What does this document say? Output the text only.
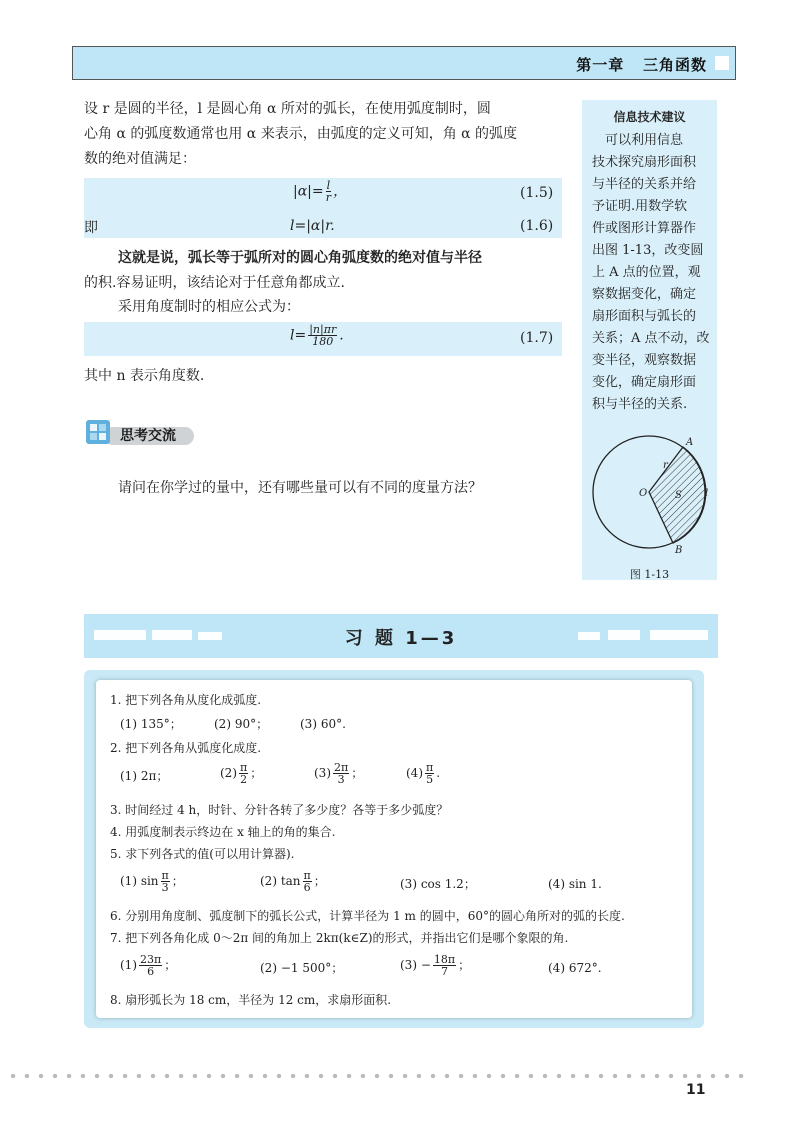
第一章 三角函数
设 r 是圆的半径，l 是圆心角 α 所对的弧长，在使用弧度制时，圆
心角 α 的弧度数通常也用 α 来表示，由弧度的定义可知，角 α 的弧度
数的绝对值满足：
$|\alpha|= \frac{l}{r}$ ，	(1.5)
即	l=|α|r.	(1.6)
这就是说，弧长等于弧所对的圆心角弧度数的绝对值与半径
的积.容易证明，该结论对于任意角都成立.
采用角度制时的相应公式为：
$l= \frac{|n|\pi r}{180}$ .	(1.7)
其中 n 表示角度数.
思考交流
请问在你学过的量中，还有哪些量可以有不同的度量方法？
信息技术建议
　可以利用信息
技术探究扇形面积
与半径的关系并给
予证明.用数学软
件或图形计算器作
出图 1-13，改变圆
上 A 点的位置，观
察数据变化，确定
扇形面积与弧长的
关系；A 点不动，改
变半径，观察数据
变化，确定扇形面
积与半径的关系.
O
A
B
r
S l
图 1-13
习 题 1—3
1. 把下列各角从度化成弧度.
(1) 135°；	(2) 90°；	(3) 60°.
2. 把下列各角从弧度化成度.
(1) 2π；	$(2) \frac{\pi}{2}$ ；	$(3) \frac{2\pi}{3}$ ；	$(4) \frac{\pi}{5}$ .
3. 时间经过 4 h，时针、分针各转了多少度？各等于多少弧度？
4. 用弧度制表示终边在 x 轴上的角的集合.
5. 求下列各式的值(可以用计算器).
(1) $\sin \frac{\pi}{3}$ ；	(2) $\tan \frac{\pi}{6}$ ；	(3) cos 1.2；	(4) sin 1.
6. 分别用角度制、弧度制下的弧长公式，计算半径为 1 m 的圆中，60°的圆心角所对的弧的长度.
7. 把下列各角化成 0～2π 间的角加上 2kπ(k∈Z)的形式，并指出它们是哪个象限的角.
$(1) \frac{23\pi}{6}$ ；	(2) −1 500°；	$(3) - \frac{18\pi}{7}$ ；	(4) 672°.
8. 扇形弧长为 18 cm，半径为 12 cm，求扇形面积.
11
